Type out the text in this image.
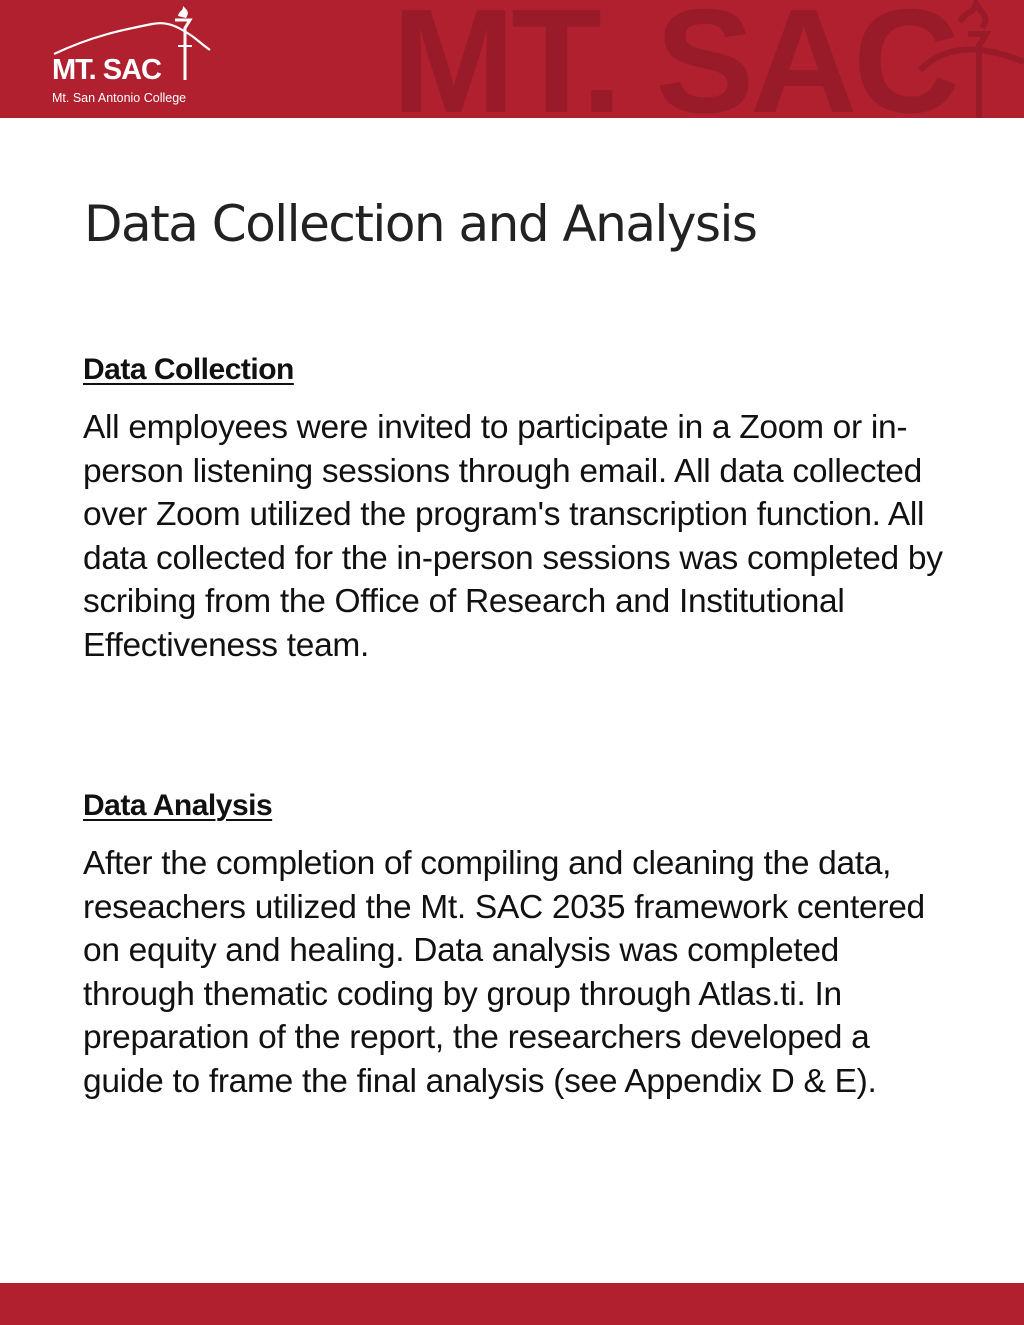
MT. SAC
MT. SAC
Mt. San Antonio College
Data Collection and Analysis
Data Collection

All employees were invited to participate in a Zoom or in-person listening sessions through email. All data collected over Zoom utilized the program's transcription function. All data collected for the in-person sessions was completed by scribing from the Office of Research and Institutional Effectiveness team.

Data Analysis

After the completion of compiling and cleaning the data, reseachers utilized the Mt. SAC 2035 framework centered on equity and healing. Data analysis was completed through thematic coding by group through Atlas.ti. In preparation of the report, the researchers developed a guide to frame the final analysis (see Appendix D & E).
